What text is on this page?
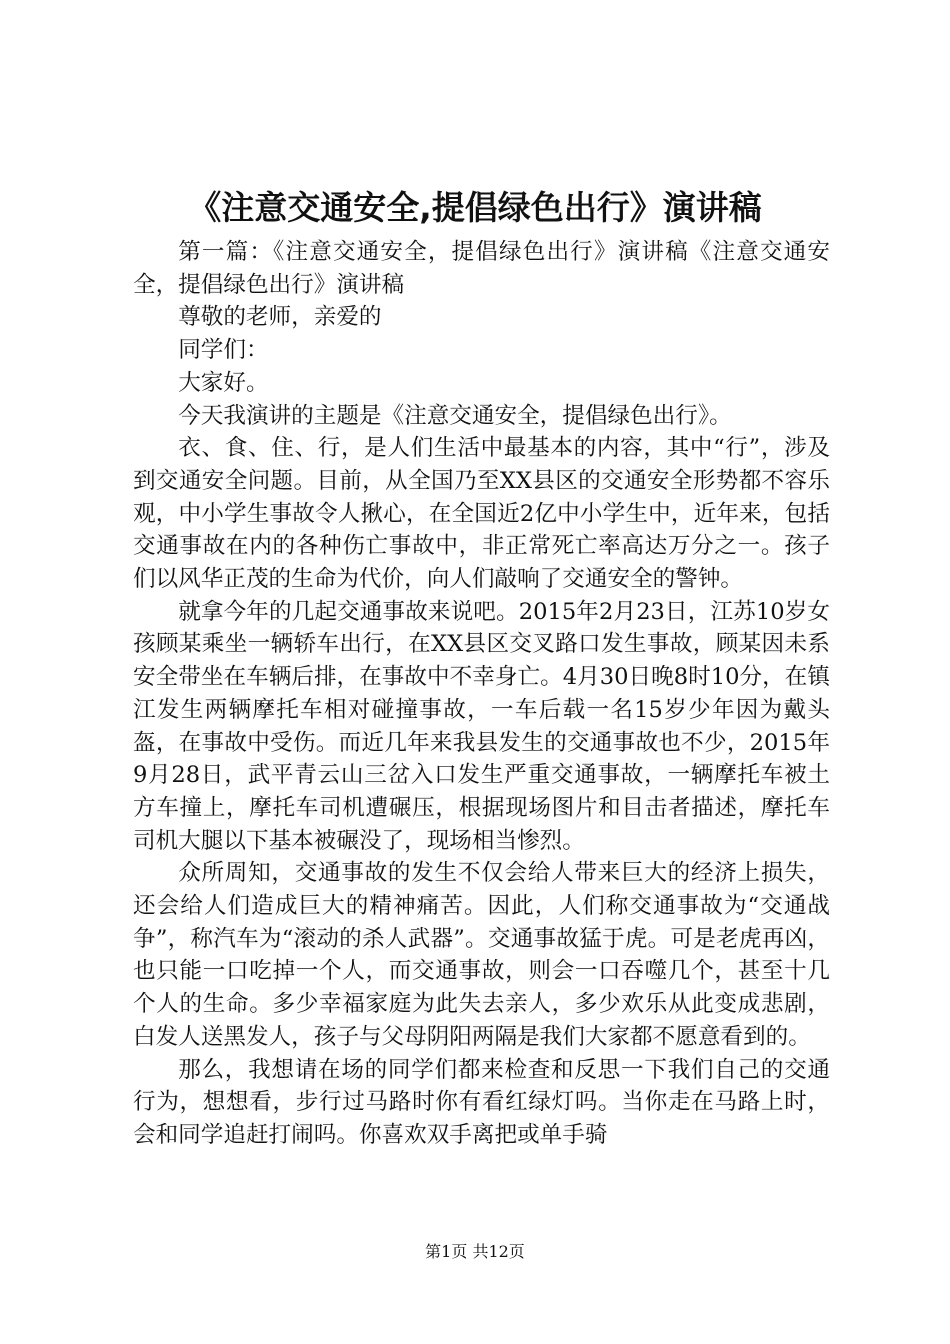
《注意交通安全,提倡绿色出行》演讲稿

第一篇：《注意交通安全，提倡绿色出行》演讲稿《注意交通安全，提倡绿色出行》演讲稿

尊敬的老师，亲爱的

同学们：

大家好。

今天我演讲的主题是《注意交通安全，提倡绿色出行》。

衣、食、住、行，是人们生活中最基本的内容，其中“行”，涉及到交通安全问题。目前，从全国乃至XX县区的交通安全形势都不容乐观，中小学生事故令人揪心，在全国近2亿中小学生中，近年来，包括交通事故在内的各种伤亡事故中，非正常死亡率高达万分之一。孩子们以风华正茂的生命为代价，向人们敲响了交通安全的警钟。

就拿今年的几起交通事故来说吧。2015年2月23日，江苏10岁女孩顾某乘坐一辆轿车出行，在XX县区交叉路口发生事故，顾某因未系安全带坐在车辆后排，在事故中不幸身亡。4月30日晚8时10分，在镇江发生两辆摩托车相对碰撞事故，一车后载一名15岁少年因为戴头盔，在事故中受伤。而近几年来我县发生的交通事故也不少，2015年9月28日，武平青云山三岔入口发生严重交通事故，一辆摩托车被土方车撞上，摩托车司机遭碾压，根据现场图片和目击者描述，摩托车司机大腿以下基本被碾没了，现场相当惨烈。

众所周知，交通事故的发生不仅会给人带来巨大的经济上损失，还会给人们造成巨大的精神痛苦。因此，人们称交通事故为“交通战争”，称汽车为“滚动的杀人武器”。交通事故猛于虎。可是老虎再凶，也只能一口吃掉一个人，而交通事故，则会一口吞噬几个，甚至十几个人的生命。多少幸福家庭为此失去亲人，多少欢乐从此变成悲剧，白发人送黑发人，孩子与父母阴阳两隔是我们大家都不愿意看到的。

那么，我想请在场的同学们都来检查和反思一下我们自己的交通行为，想想看，步行过马路时你有看红绿灯吗。当你走在马路上时，会和同学追赶打闹吗。你喜欢双手离把或单手骑

第1页 共12页
